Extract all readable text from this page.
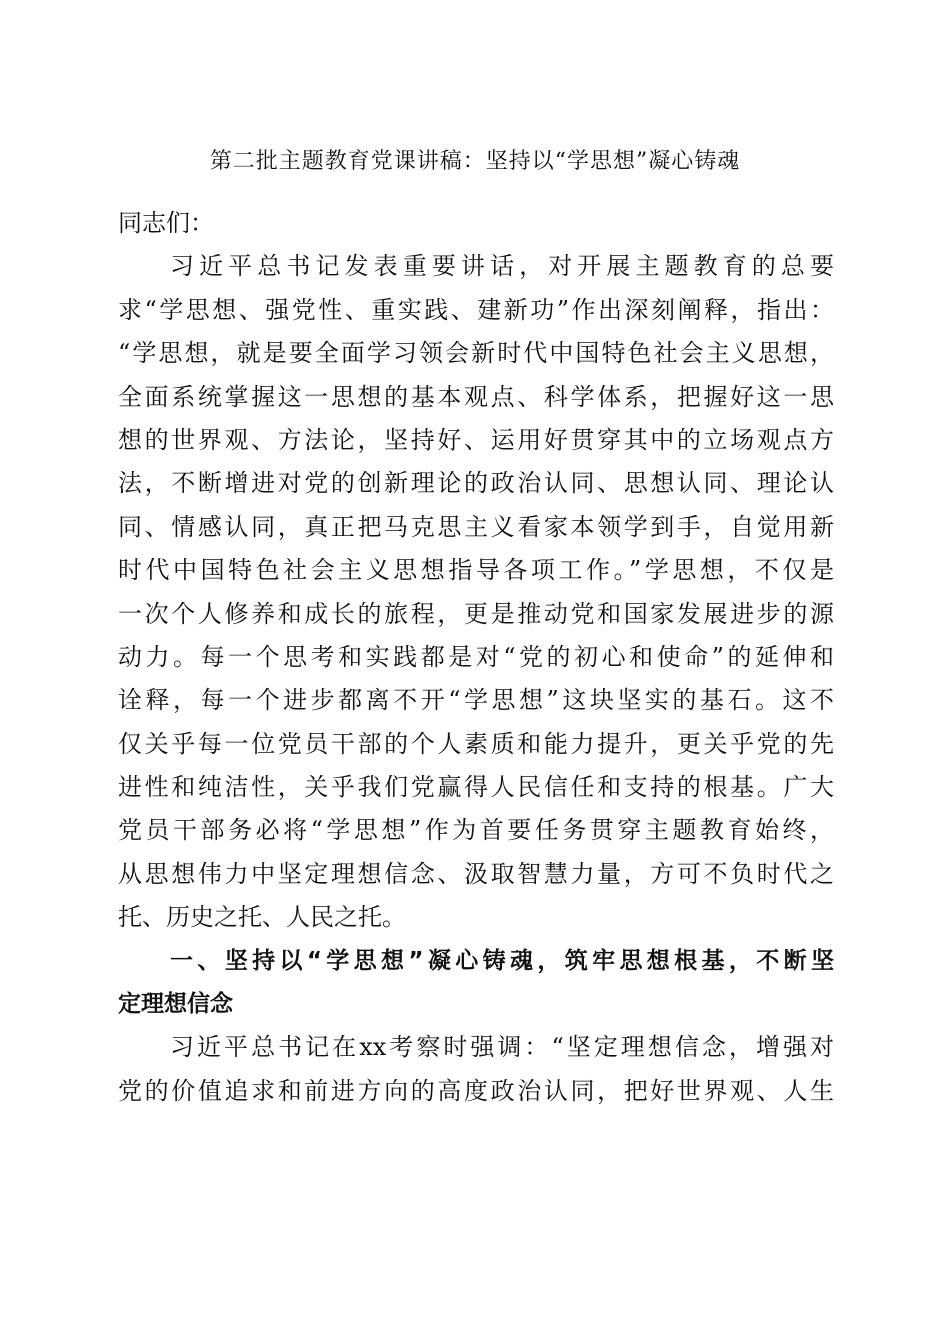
第二批主题教育党课讲稿：坚持以“学思想”凝心铸魂
同志们：
习近平总书记发表重要讲话，对开展主题教育的总要
求“学思想、强党性、重实践、建新功”作出深刻阐释，指出：
“学思想，就是要全面学习领会新时代中国特色社会主义思想，
全面系统掌握这一思想的基本观点、科学体系，把握好这一思
想的世界观、方法论，坚持好、运用好贯穿其中的立场观点方
法，不断增进对党的创新理论的政治认同、思想认同、理论认
同、情感认同，真正把马克思主义看家本领学到手，自觉用新
时代中国特色社会主义思想指导各项工作。”学思想，不仅是
一次个人修养和成长的旅程，更是推动党和国家发展进步的源
动力。每一个思考和实践都是对“党的初心和使命”的延伸和
诠释，每一个进步都离不开“学思想”这块坚实的基石。这不
仅关乎每一位党员干部的个人素质和能力提升，更关乎党的先
进性和纯洁性，关乎我们党赢得人民信任和支持的根基。广大
党员干部务必将“学思想”作为首要任务贯穿主题教育始终，
从思想伟力中坚定理想信念、汲取智慧力量，方可不负时代之
托、历史之托、人民之托。
一、坚持以“学思想”凝心铸魂，筑牢思想根基，不断坚
定理想信念
习近平总书记在xx考察时强调：“坚定理想信念，增强对
党的价值追求和前进方向的高度政治认同，把好世界观、人生
